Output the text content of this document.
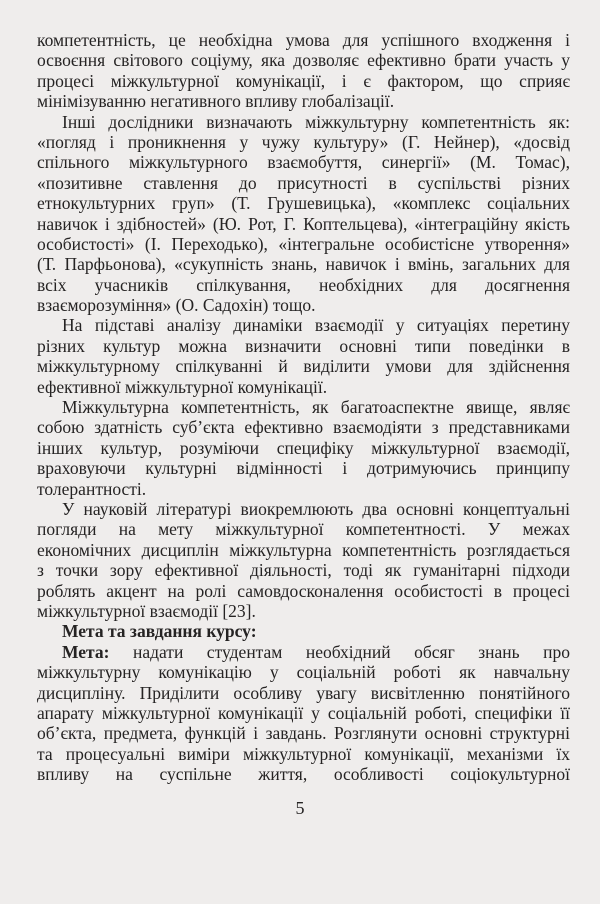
компетентність, це необхідна умова для успішного входження і
освоєння світового соціуму, яка дозволяє ефективно брати участь у
процесі міжкультурної комунікації, і є фактором, що сприяє
мінімізуванню негативного впливу глобалізації.
Інші дослідники визначають міжкультурну компетентність як:
«погляд і проникнення у чужу культуру» (Г. Нейнер), «досвід
спільного міжкультурного взаємобуття, синергії» (М. Томас),
«позитивне ставлення до присутності в суспільстві різних
етнокультурних груп» (Т. Грушевицька), «комплекс соціальних
навичок і здібностей» (Ю. Рот, Г. Коптельцева), «інтеграційну якість
особистості» (І. Переходько), «інтегральне особистісне утворення»
(Т. Парфьонова), «сукупність знань, навичок і вмінь, загальних для
всіх учасників спілкування, необхідних для досягнення
взаєморозуміння» (О. Садохін) тощо.
На підставі аналізу динаміки взаємодії у ситуаціях перетину
різних культур можна визначити основні типи поведінки в
міжкультурному спілкуванні й виділити умови для здійснення
ефективної міжкультурної комунікації.
Міжкультурна компетентність, як багатоаспектне явище, являє
собою здатність суб’єкта ефективно взаємодіяти з представниками
інших культур, розуміючи специфіку міжкультурної взаємодії,
враховуючи культурні відмінності і дотримуючись принципу
толерантності.
У науковій літературі виокремлюють два основні концептуальні
погляди на мету міжкультурної компетентності. У межах
економічних дисциплін міжкультурна компетентність розглядається
з точки зору ефективної діяльності, тоді як гуманітарні підходи
роблять акцент на ролі самовдосконалення особистості в процесі
міжкультурної взаємодії [23].
Мета та завдання курсу:
Мета: надати студентам необхідний обсяг знань про
міжкультурну комунікацію у соціальній роботі як навчальну
дисципліну. Приділити особливу увагу висвітленню понятійного
апарату міжкультурної комунікації у соціальній роботі, специфіки її
об’єкта, предмета, функцій і завдань. Розглянути основні структурні
та процесуальні виміри міжкультурної комунікації, механізми їх
впливу на суспільне життя, особливості соціокультурної
5
